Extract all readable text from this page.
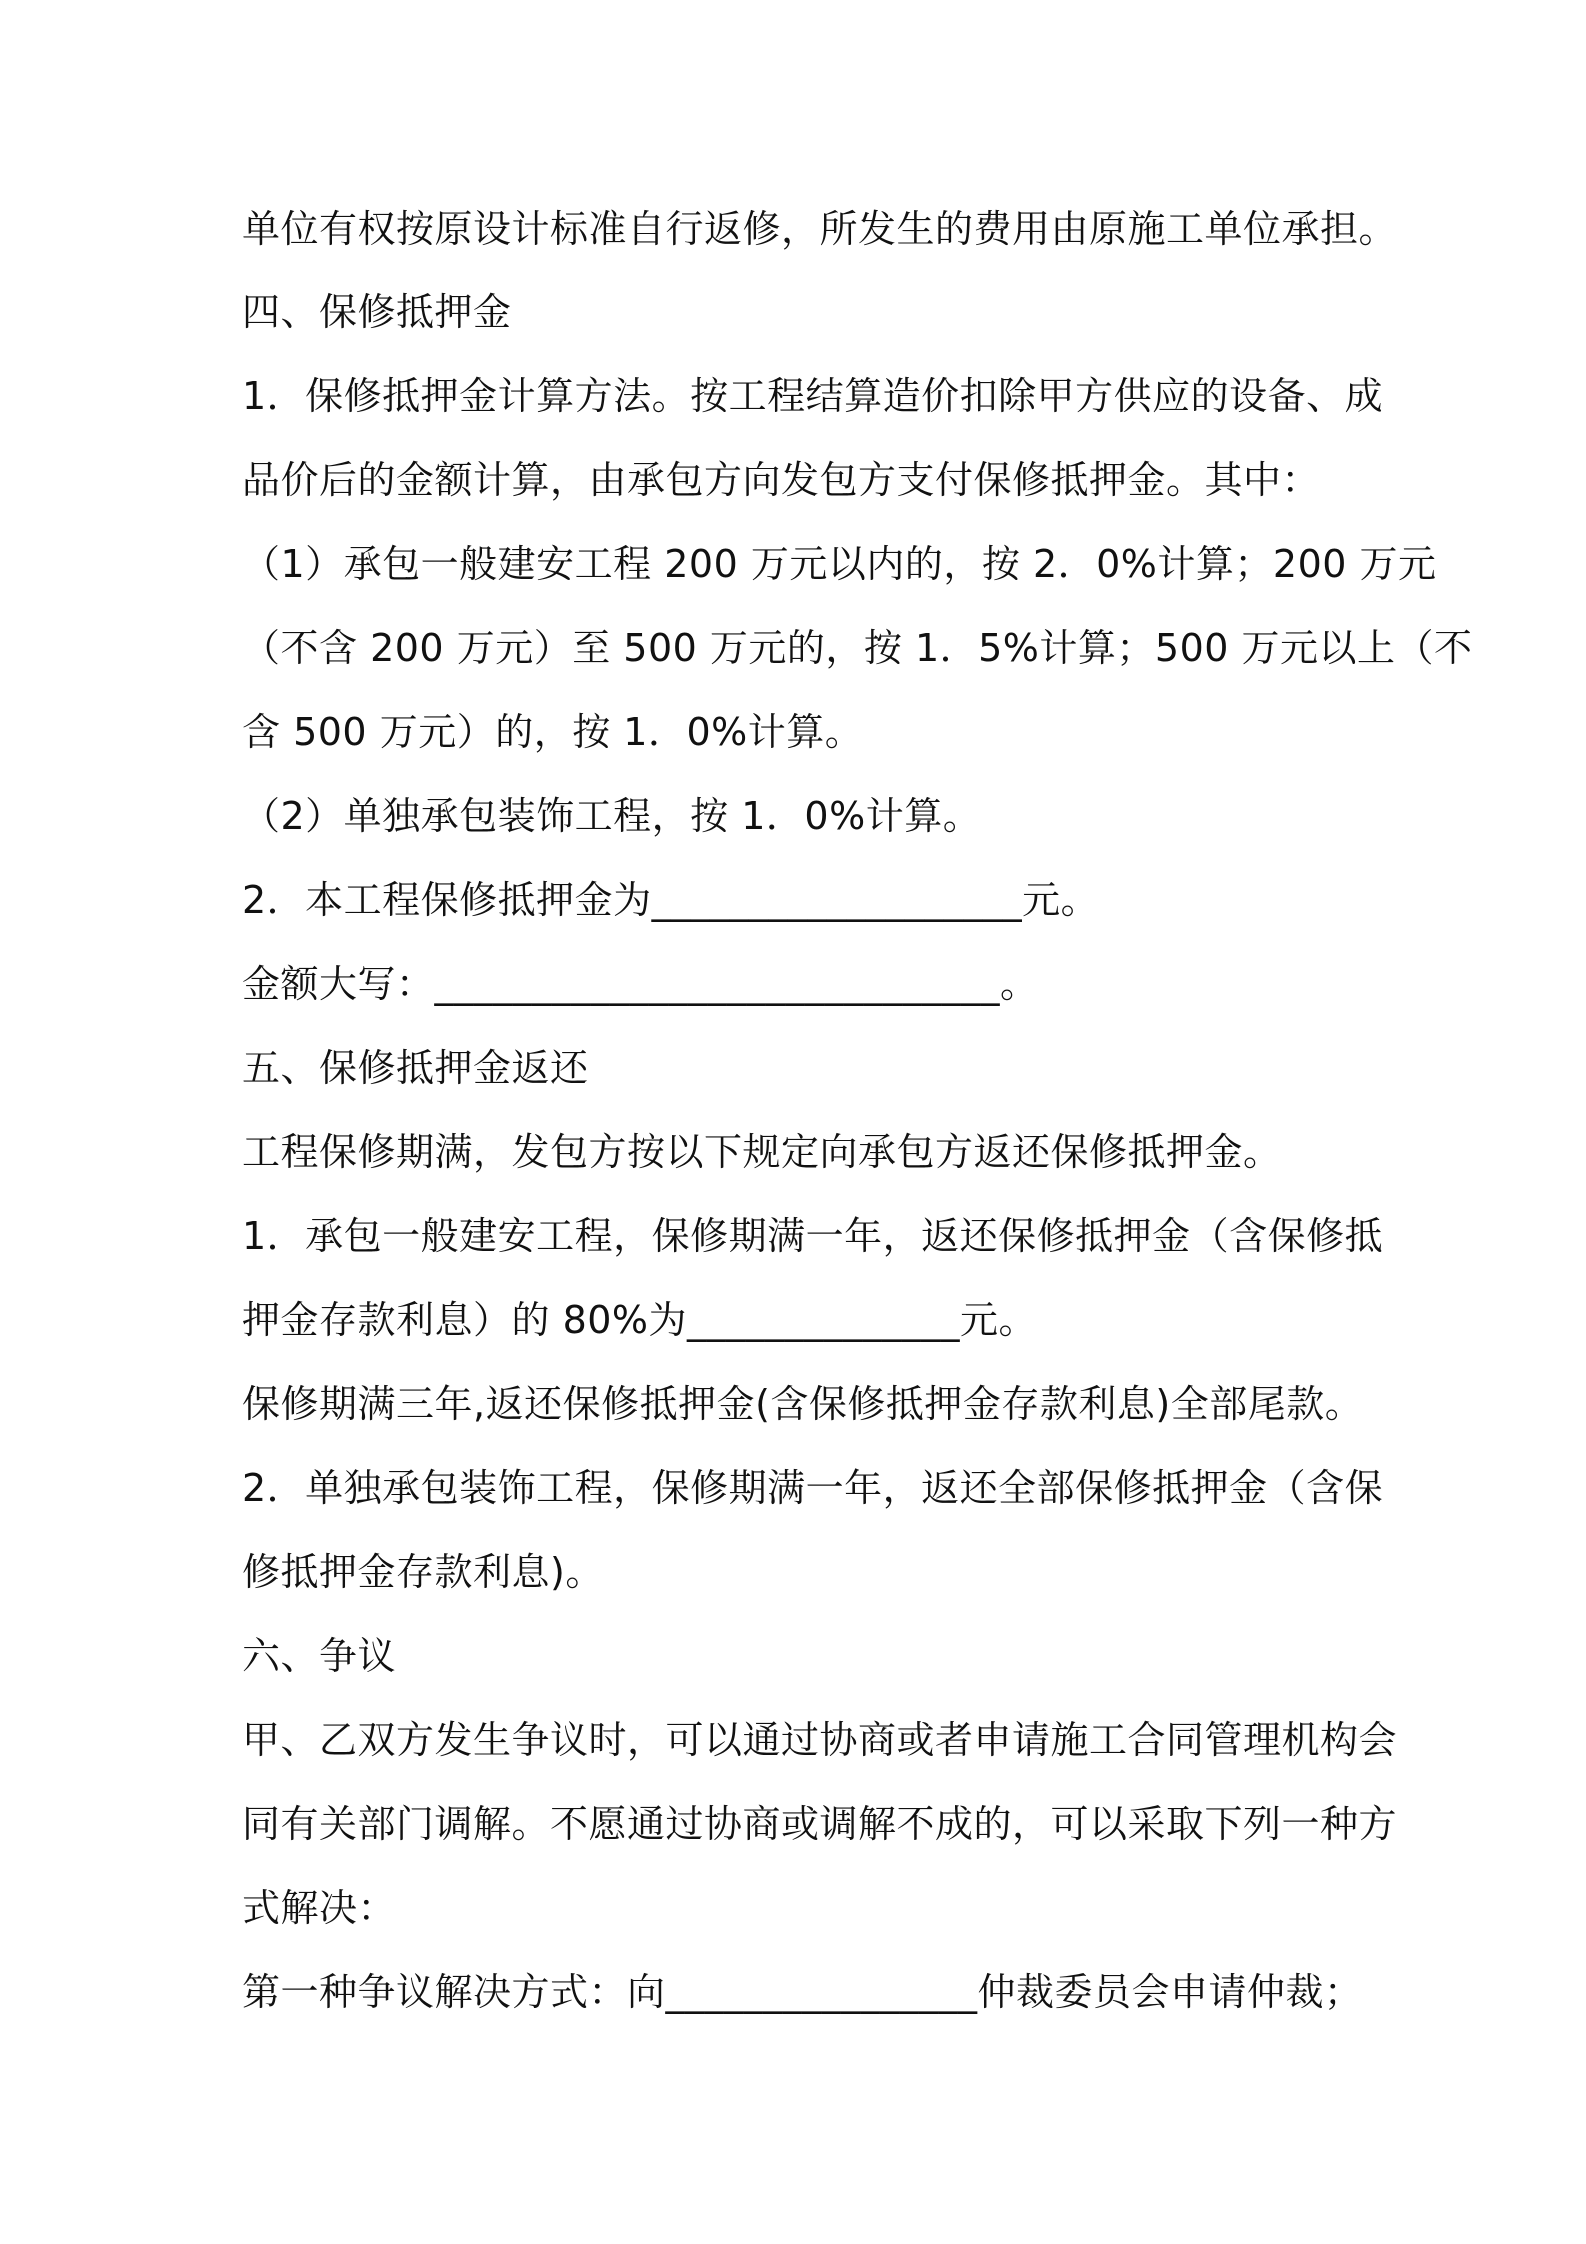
单位有权按原设计标准自行返修，所发生的费用由原施工单位承担。
四、保修抵押金
1．保修抵押金计算方法。按工程结算造价扣除甲方供应的设备、成
品价后的金额计算，由承包方向发包方支付保修抵押金。其中：
（1）承包一般建安工程 200 万元以内的，按 2．0%计算；200 万元
（不含 200 万元）至 500 万元的，按 1．5%计算；500 万元以上（不
含 500 万元）的，按 1．0%计算。
（2）单独承包装饰工程，按 1．0%计算。
2．本工程保修抵押金为___________________元。
金额大写：_____________________________。
五、保修抵押金返还
工程保修期满，发包方按以下规定向承包方返还保修抵押金。
1．承包一般建安工程，保修期满一年，返还保修抵押金（含保修抵
押金存款利息）的 80%为______________元。
保修期满三年,返还保修抵押金(含保修抵押金存款利息)全部尾款。
2．单独承包装饰工程，保修期满一年，返还全部保修抵押金（含保
修抵押金存款利息)。
六、争议
甲、乙双方发生争议时，可以通过协商或者申请施工合同管理机构会
同有关部门调解。不愿通过协商或调解不成的，可以采取下列一种方
式解决：
第一种争议解决方式：向________________仲裁委员会申请仲裁；
